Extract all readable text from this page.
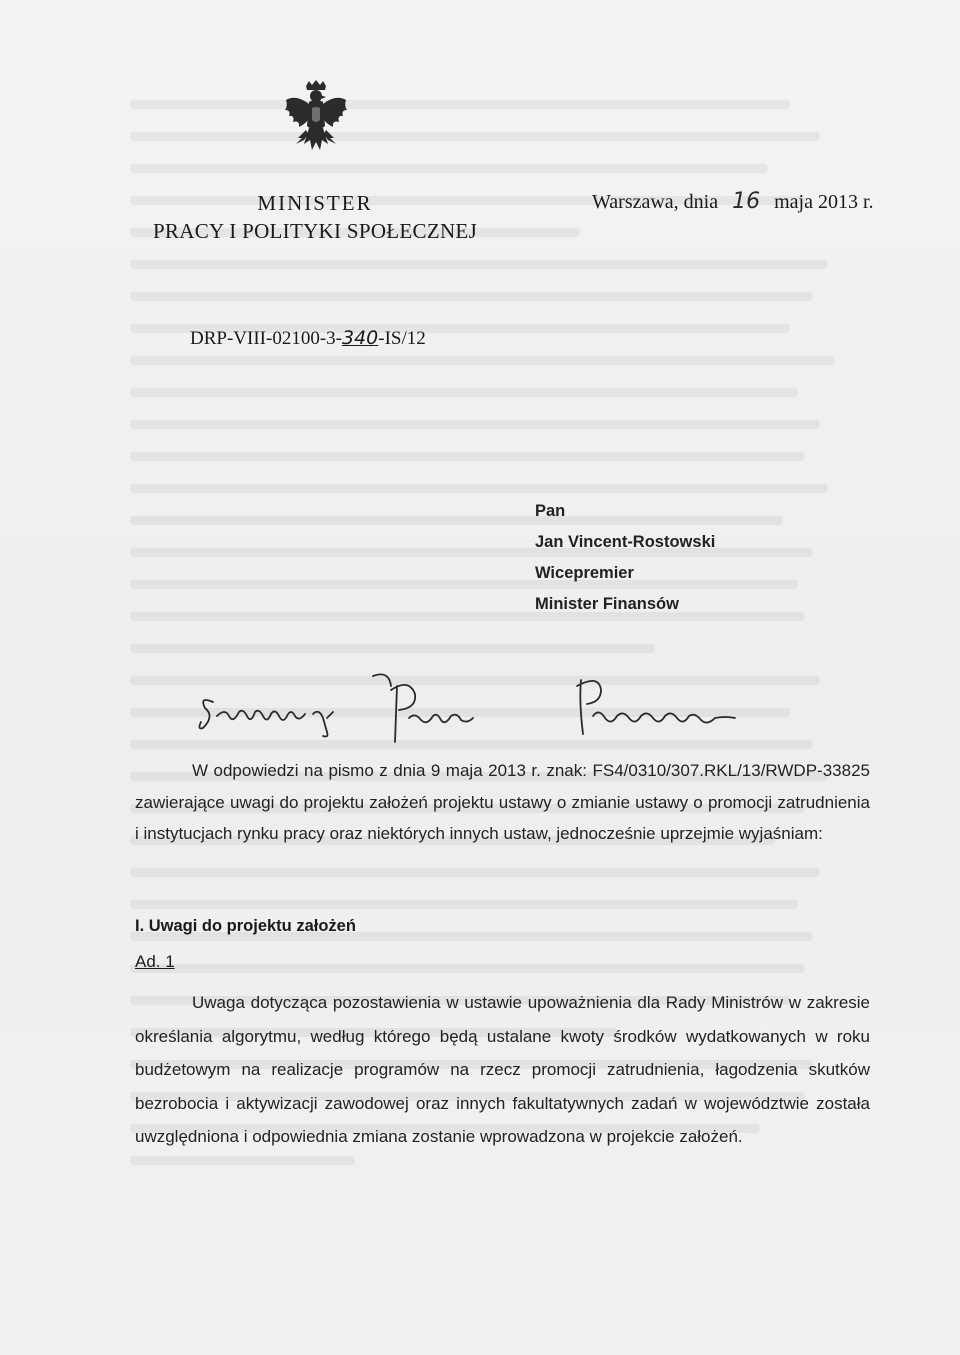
MINISTER
PRACY I POLITYKI SPOŁECZNEJ
Warszawa, dnia 16 maja 2013 r.
DRP-VIII-02100-3-340-IS/12
Pan
Jan Vincent-Rostowski
Wicepremier
Minister Finansów
W odpowiedzi na pismo z dnia 9 maja 2013 r. znak: FS4/0310/307.RKL/13/RWDP-33825 zawierające uwagi do projektu założeń projektu ustawy o zmianie ustawy o promocji zatrudnienia i instytucjach rynku pracy oraz niektórych innych ustaw, jednocześnie uprzejmie wyjaśniam:
I. Uwagi do projektu założeń
Ad. 1
Uwaga dotycząca pozostawienia w ustawie upoważnienia dla Rady Ministrów w zakresie określania algorytmu, według którego będą ustalane kwoty środków wydatkowanych w roku budżetowym na realizacje programów na rzecz promocji zatrudnienia, łagodzenia skutków bezrobocia i aktywizacji zawodowej oraz innych fakultatywnych zadań w województwie została uwzględniona i odpowiednia zmiana zostanie wprowadzona w projekcie założeń.
